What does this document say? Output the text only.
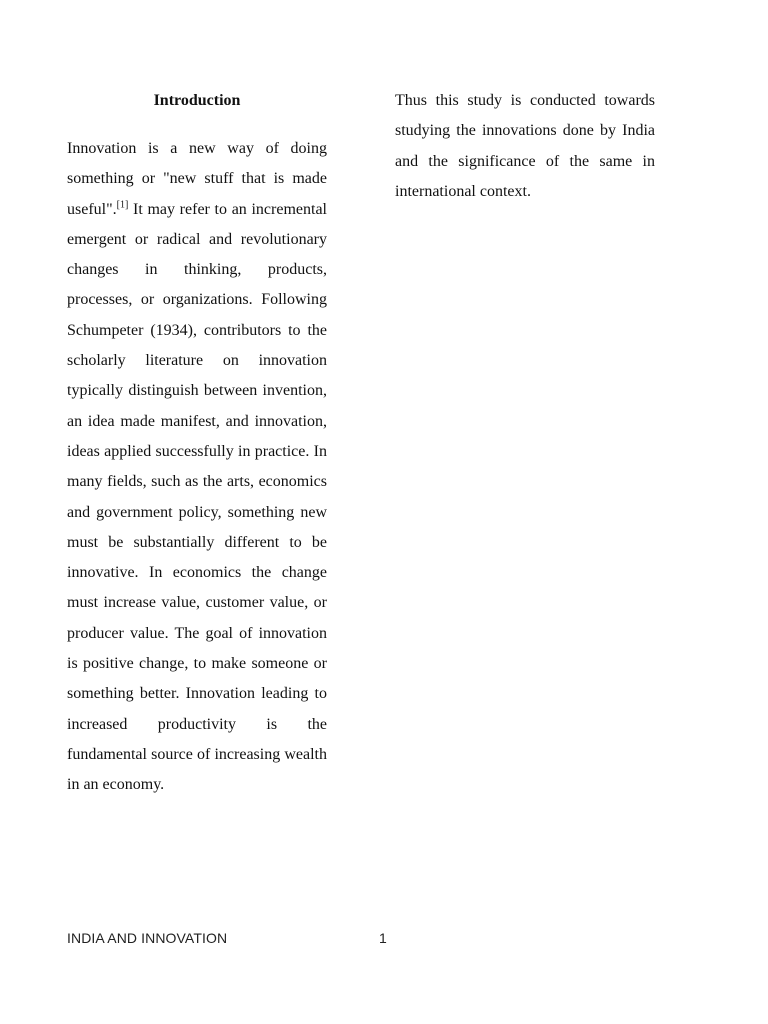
Introduction

Innovation is a new way of doing something or "new stuff that is made useful".[1] It may refer to an incremental emergent or radical and revolutionary changes in thinking, products, processes, or organizations. Following Schumpeter (1934), contributors to the scholarly literature on innovation typically distinguish between invention, an idea made manifest, and innovation, ideas applied successfully in practice. In many fields, such as the arts, economics and government policy, something new must be substantially different to be innovative. In economics the change must increase value, customer value, or producer value. The goal of innovation is positive change, to make someone or something better. Innovation leading to increased productivity is the fundamental source of increasing wealth in an economy.

Thus this study is conducted towards studying the innovations done by India and the significance of the same in international context.

INDIA AND INNOVATION	1
